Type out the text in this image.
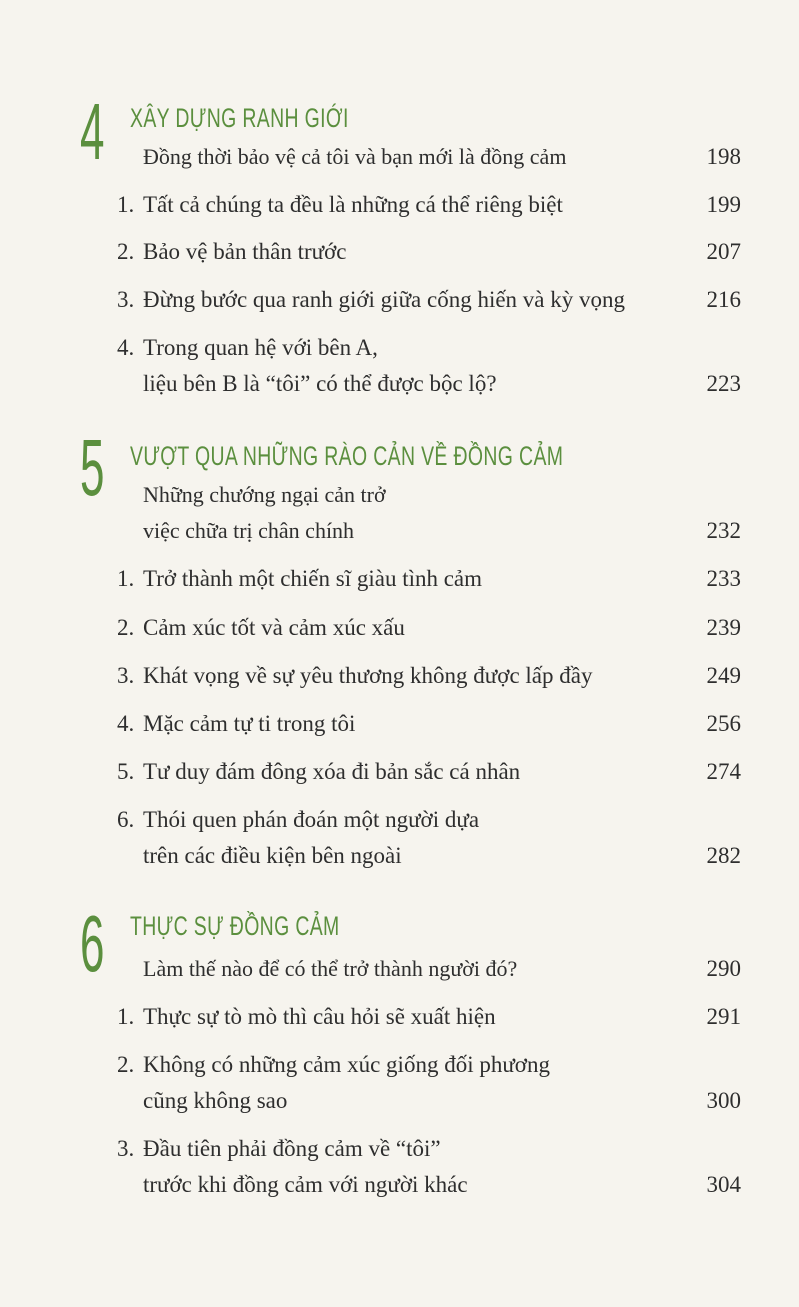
4 XÂY DỰNG RANH GIỚI
Đồng thời bảo vệ cả tôi và bạn mới là đồng cảm	198
1. Tất cả chúng ta đều là những cá thể riêng biệt	199
2. Bảo vệ bản thân trước	207
3. Đừng bước qua ranh giới giữa cống hiến và kỳ vọng	216
4. Trong quan hệ với bên A,
liệu bên B là “tôi” có thể được bộc lộ?	223
5 VƯỢT QUA NHỮNG RÀO CẢN VỀ ĐỒNG CẢM
Những chướng ngại cản trở
việc chữa trị chân chính	232
1. Trở thành một chiến sĩ giàu tình cảm	233
2. Cảm xúc tốt và cảm xúc xấu	239
3. Khát vọng về sự yêu thương không được lấp đầy	249
4. Mặc cảm tự ti trong tôi	256
5. Tư duy đám đông xóa đi bản sắc cá nhân	274
6. Thói quen phán đoán một người dựa
trên các điều kiện bên ngoài	282
6 THỰC SỰ ĐỒNG CẢM
Làm thế nào để có thể trở thành người đó?	290
1. Thực sự tò mò thì câu hỏi sẽ xuất hiện	291
2. Không có những cảm xúc giống đối phương
cũng không sao	300
3. Đầu tiên phải đồng cảm về “tôi”
trước khi đồng cảm với người khác	304
